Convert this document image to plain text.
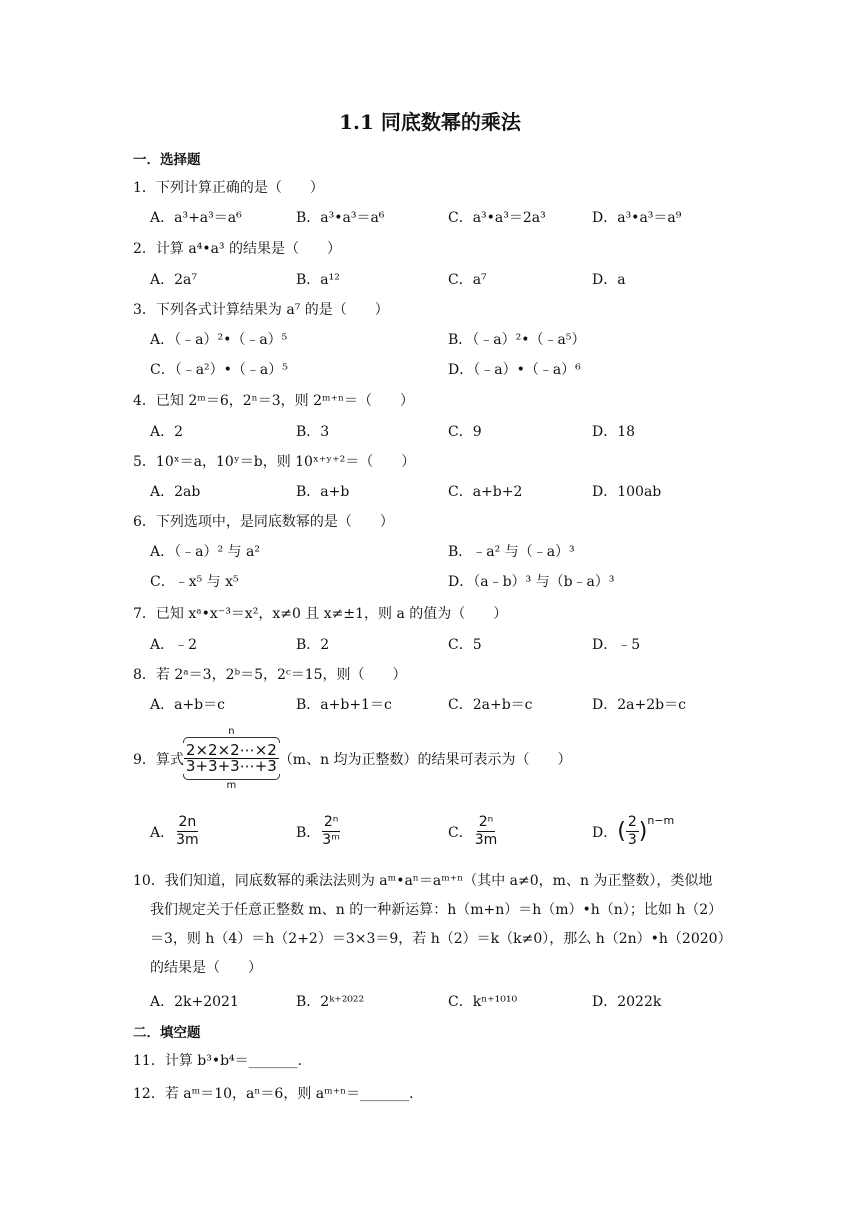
1.1 同底数幂的乘法
一．选择题
1．下列计算正确的是（　　）
A．a³+a³＝a⁶	B．a³•a³＝a⁶	C．a³•a³＝2a³	D．a³•a³＝a⁹
2．计算 a⁴•a³ 的结果是（　　）
A．2a⁷	B．a¹²	C．a⁷	D．a
3．下列各式计算结果为 a⁷ 的是（　　）
A．（﹣a）²•（﹣a）⁵	B．（﹣a）²•（﹣a⁵）
C．（﹣a²）•（﹣a）⁵	D．（﹣a）•（﹣a）⁶
4．已知 2ᵐ＝6，2ⁿ＝3，则 2ᵐ⁺ⁿ＝（　　）
A．2	B．3	C．9	D．18
5．10ˣ＝a，10ʸ＝b，则 10ˣ⁺ʸ⁺²＝（　　）
A．2ab	B．a+b	C．a+b+2	D．100ab
6．下列选项中，是同底数幂的是（　　）
A．（﹣a）² 与 a²	B．﹣a² 与（﹣a）³
C．﹣x⁵ 与 x⁵	D．（a﹣b）³ 与（b﹣a）³
7．已知 xᵃ•x⁻³＝x²，x≠0 且 x≠±1，则 a 的值为（　　）
A．﹣2	B．2	C．5	D．﹣5
8．若 2ᵃ＝3，2ᵇ＝5，2ᶜ＝15，则（　　）
A．a+b＝c	B．a+b+1＝c	C．2a+b＝c	D．2a+2b＝c
9．算式
n
2×2×2⋯×2
3+3+3⋯+3
m
（m、n 均为正整数）的结果可表示为（　　）
A． $\frac{2n}{3m}$	B． $\frac{\text{2ⁿ}}{\text{3ᵐ}}$	C． $\frac{\text{2ⁿ}}{3m}$	D． ( $\frac{2}{3} )^{n-m}$
10．我们知道，同底数幂的乘法法则为 aᵐ•aⁿ＝aᵐ⁺ⁿ（其中 a≠0，m、n 为正整数），类似地
我们规定关于任意正整数 m、n 的一种新运算：h（m+n）＝h（m）•h（n）；比如 h（2）
＝3，则 h（4）＝h（2+2）＝3×3＝9，若 h（2）＝k（k≠0），那么 h（2n）•h（2020）
的结果是（　　）
A．2k+2021	B．2ᵏ⁺²⁰²²	C．kⁿ⁺¹⁰¹⁰	D．2022k
二．填空题
11．计算 b³•b⁴＝_______．
12．若 aᵐ＝10，aⁿ＝6，则 aᵐ⁺ⁿ＝_______．
